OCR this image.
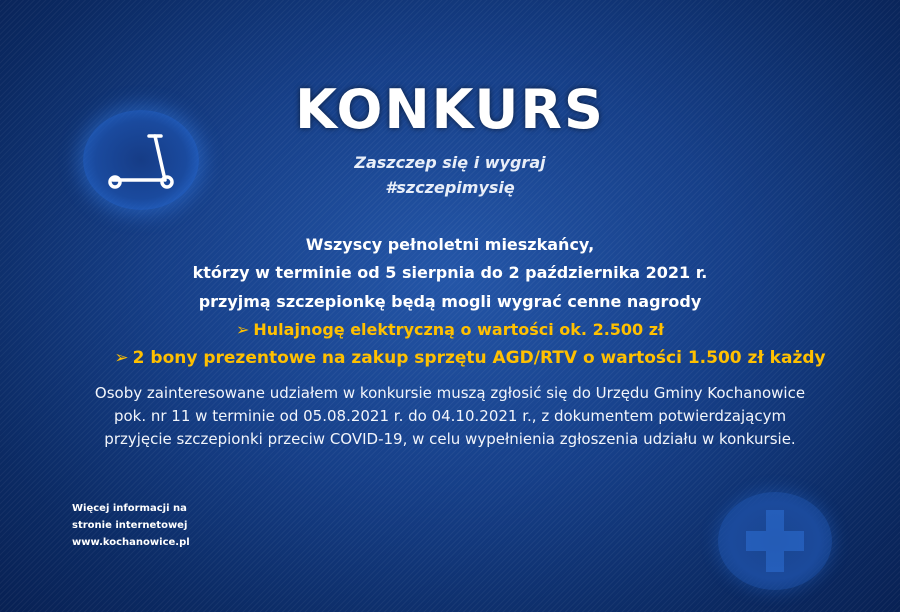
KONKURS
Zaszczep się i wygraj
#szczepimysię
Wszyscy pełnoletni mieszkańcy,
którzy w terminie od 5 sierpnia do 2 października 2021 r.
przyjmą szczepionkę będą mogli wygrać cenne nagrody
➢ Hulajnogę elektryczną o wartości ok. 2.500 zł
➢ 2 bony prezentowe na zakup sprzętu AGD/RTV o wartości 1.500 zł każdy
Osoby zainteresowane udziałem w konkursie muszą zgłosić się do Urzędu Gminy Kochanowice
pok. nr 11 w terminie od 05.08.2021 r. do 04.10.2021 r., z dokumentem potwierdzającym
przyjęcie szczepionki przeciw COVID-19, w celu wypełnienia zgłoszenia udziału w konkursie.
Więcej informacji na
stronie internetowej
www.kochanowice.pl
